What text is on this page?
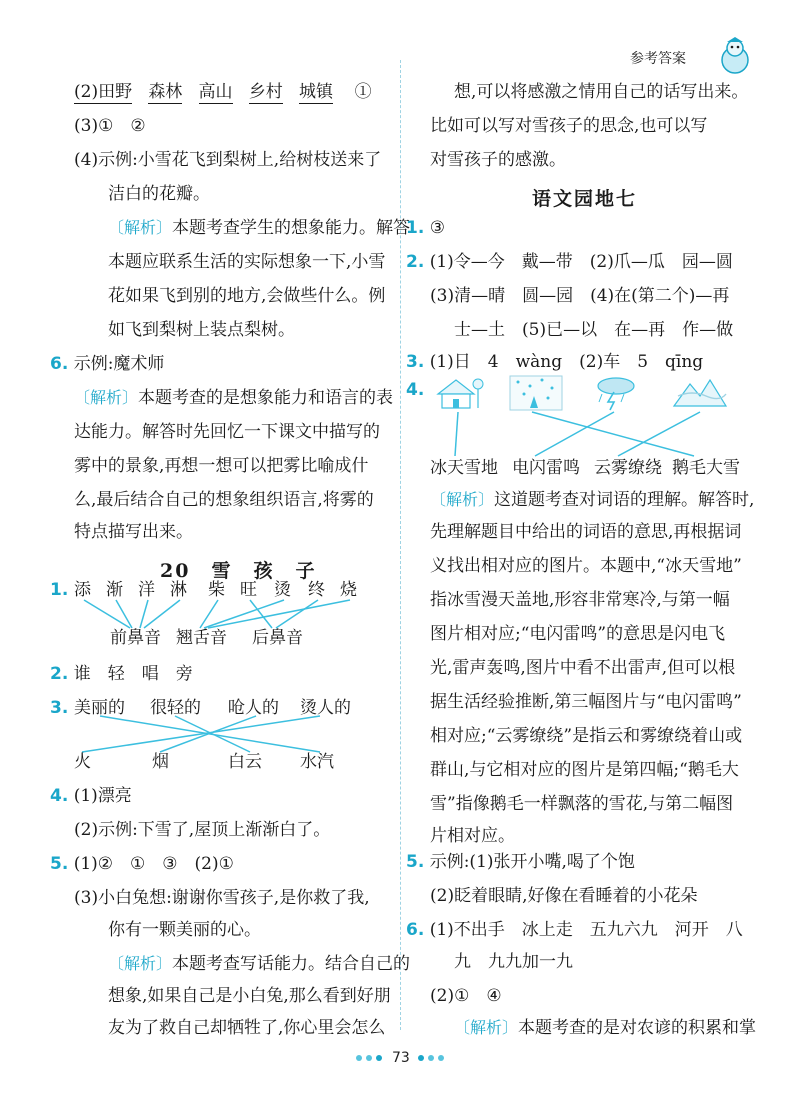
参考答案
(2)田野 森林 高山 乡村 城镇 ①
(3)①　②
(4)示例:小雪花飞到梨树上,给树枝送来了
洁白的花瓣。
〔解析〕本题考查学生的想象能力。解答
本题应联系生活的实际想象一下,小雪
花如果飞到别的地方,会做些什么。例
如飞到梨树上装点梨树。
6. 示例:魔术师
〔解析〕本题考查的是想象能力和语言的表
达能力。解答时先回忆一下课文中描写的
雾中的景象,再想一想可以把雾比喻成什
么,最后结合自己的想象组织语言,将雾的
特点描写出来。
20　雪　孩　子
1. 添 渐 洋 淋 柴 旺 烫 终 烧
前鼻音 翘舌音 后鼻音
2. 谁　轻　唱　旁
3. 美丽的 很轻的 呛人的 烫人的
火	烟	白云 水汽
4. (1)漂亮
(2)示例:下雪了,屋顶上渐渐白了。
5. (1)②　①　③　(2)①
(3)小白兔想:谢谢你雪孩子,是你救了我,
你有一颗美丽的心。
〔解析〕本题考查写话能力。结合自己的
想象,如果自己是小白兔,那么看到好朋
友为了救自己却牺牲了,你心里会怎么
想,可以将感激之情用自己的话写出来。
比如可以写对雪孩子的思念,也可以写
对雪孩子的感激。
语文园地七
1. ③
2. (1)令—今　戴—带　(2)爪—瓜　园—圆
(3)清—晴　圆—园　(4)在(第二个)—再
士—土　(5)已—以　在—再　作—做
3. (1)日　4　wàng　(2)车　5　qīng
4.
冰天雪地 电闪雷鸣 云雾缭绕 鹅毛大雪
〔解析〕这道题考查对词语的理解。解答时,
先理解题目中给出的词语的意思,再根据词
义找出相对应的图片。本题中,“冰天雪地”
指冰雪漫天盖地,形容非常寒冷,与第一幅
图片相对应;“电闪雷鸣”的意思是闪电飞
光,雷声轰鸣,图片中看不出雷声,但可以根
据生活经验推断,第三幅图片与“电闪雷鸣”
相对应;“云雾缭绕”是指云和雾缭绕着山或
群山,与它相对应的图片是第四幅;“鹅毛大
雪”指像鹅毛一样飘落的雪花,与第二幅图
片相对应。
5. 示例:(1)张开小嘴,喝了个饱
(2)眨着眼睛,好像在看睡着的小花朵
6. (1)不出手　冰上走　五九六九　河开　八
九　九九加一九
(2)①　④
〔解析〕本题考查的是对农谚的积累和掌
73
